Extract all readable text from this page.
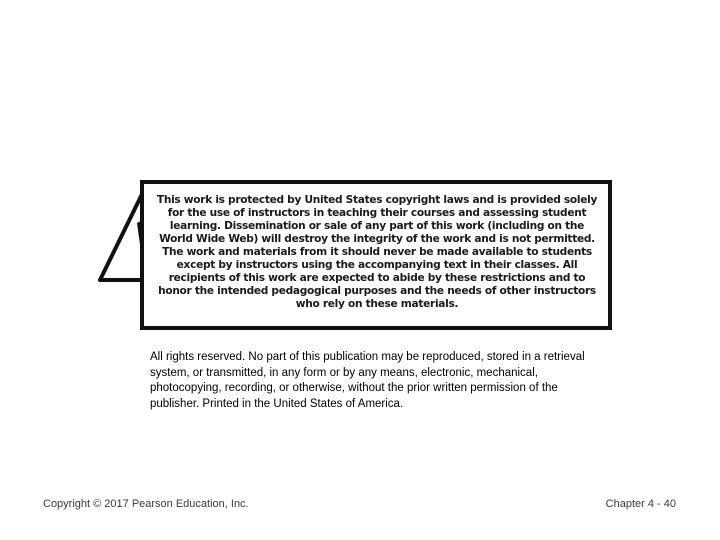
This work is protected by United States copyright laws and is provided solely for the use of instructors in teaching their courses and assessing student learning. Dissemination or sale of any part of this work (including on the World Wide Web) will destroy the integrity of the work and is not permitted. The work and materials from it should never be made available to students except by instructors using the accompanying text in their classes. All recipients of this work are expected to abide by these restrictions and to honor the intended pedagogical purposes and the needs of other instructors who rely on these materials.

All rights reserved. No part of this publication may be reproduced, stored in a retrieval system, or transmitted, in any form or by any means, electronic, mechanical, photocopying, recording, or otherwise, without the prior written permission of the publisher. Printed in the United States of America.

Copyright © 2017 Pearson Education, Inc.	Chapter 4 - 40
